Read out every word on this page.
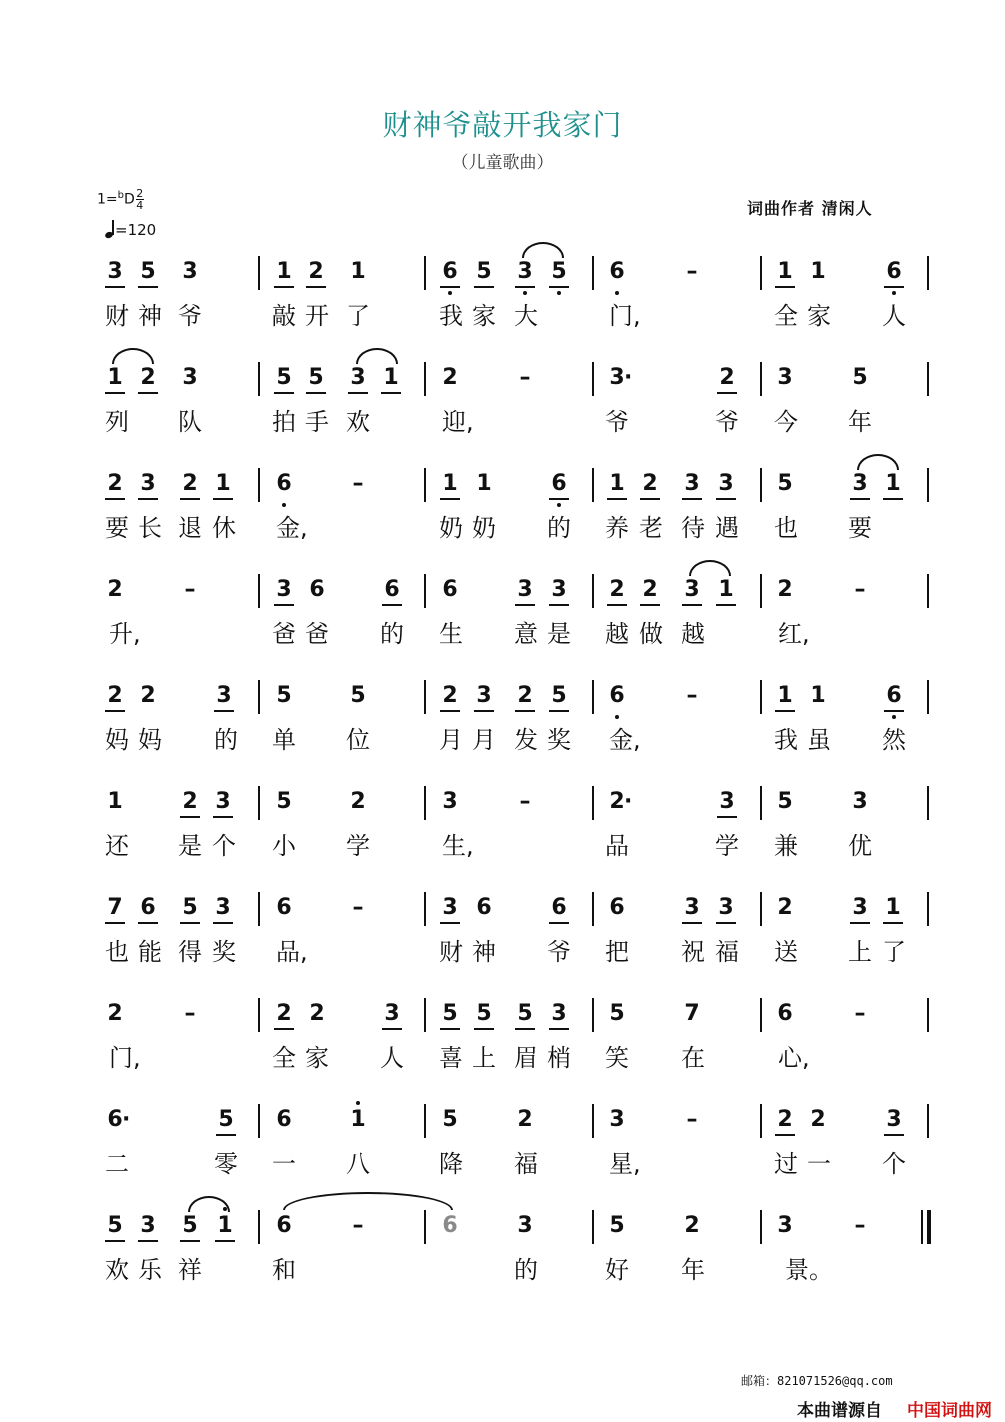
财神爷敲开我家门
（儿童歌曲）
$1=^bD\frac{2}{4}$
=120
词曲作者 清闲人
3 5 3	1 2 1	6 5 3 5 6	–	1 1	6
财 神 爷	敲 开 了	我 家 大	门,	全 家 人
1 2 3	5 5 3 1 2	–	3 ·	2 3	5
列 队	拍 手 欢	迎,	爷	爷 今 年
2 3 2 1 6	–	1 1	6 1 2 3 3 5	3 1
要 长 退 休 金,	奶 奶 的 养 老 待 遇 也 要
2	–	3 6	6 6	3 3 2 2 3 1 2	–
升,	爸 爸 的 生 意 是 越 做 越	红,
2 2	3 5	5	2 3 2 5 6	–	1 1	6
妈 妈 的 单 位	月 月 发 奖 金,	我 虽 然
1	2 3 5	2	3	–	2 ·	3 5	3
还 是 个 小 学	生,	品	学 兼 优
7 6 5 3 6	–	3 6	6 6	3 3 2	3 1
也 能 得 奖 品,	财 神 爷 把 祝 福 送 上 了
2	–	2 2	3 5 5 5 3 5	7	6	–
门,	全 家 人 喜 上 眉 梢 笑 在	心,
6 ·	5 6	1	5	2	3	–	2 2	3
二	零 一 八	降 福	星,	过 一 个
5 3 5 1 6	–	6	3	5	2	3	–
欢 乐 祥	和	的	好 年	景。
邮箱：821071526@qq.com
本曲谱源自 中国词曲网
